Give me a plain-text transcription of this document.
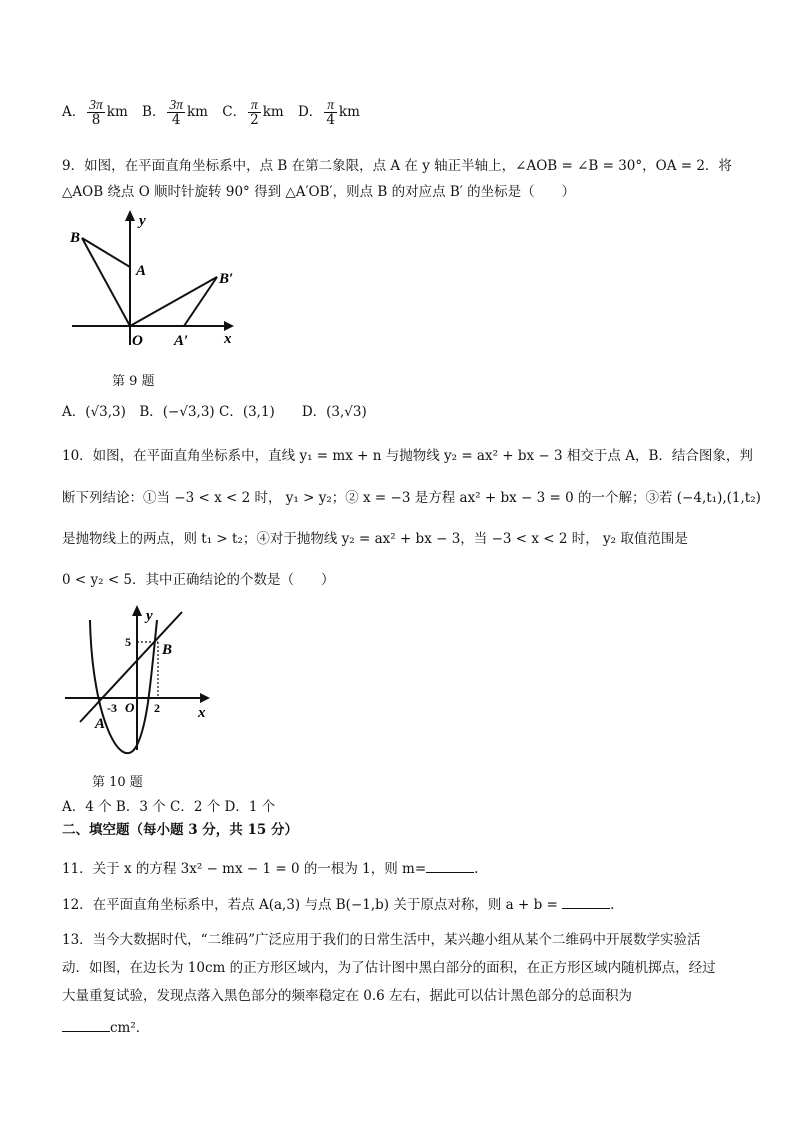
A． $\frac{3\pi}{8}$ km B． $\frac{3\pi}{4}$ km C． $\frac{\pi}{2}$ km D． $\frac{\pi}{4}$ km
9．如图，在平面直角坐标系中，点 B 在第二象限，点 A 在 y 轴正半轴上，∠AOB = ∠B = 30°，OA = 2．将
△AOB 绕点 O 顺时针旋转 90° 得到 △A′OB′，则点 B 的对应点 B′ 的坐标是（　　）
y
x
B
A	B′
O A′
第 9 题
A．(√3,3)　B．(−√3,3) C．(3,1)　　D．(3,√3)
10．如图，在平面直角坐标系中，直线 y₁ = mx + n 与抛物线 y₂ = ax² + bx − 3 相交于点 A，B．结合图象，判
断下列结论：①当 −3 < x < 2 时， y₁ > y₂；② x = −3 是方程 ax² + bx − 3 = 0 的一个解；③若 (−4,t₁),(1,t₂)
是抛物线上的两点，则 t₁ > t₂；④对于抛物线 y₂ = ax² + bx − 3，当 −3 < x < 2 时， y₂ 取值范围是
0 < y₂ < 5．其中正确结论的个数是（　　）
y
x
5 B
-3 O 2
A
第 10 题
A．4 个 B．3 个 C．2 个 D．1 个
二、填空题（每小题 3 分，共 15 分）
11．关于 x 的方程 3x² − mx − 1 = 0 的一根为 1，则 m=	.
12．在平面直角坐标系中，若点 A(a,3) 与点 B(−1,b) 关于原点对称，则 a + b =	.
13．当今大数据时代，“二维码”广泛应用于我们的日常生活中，某兴趣小组从某个二维码中开展数学实验活
动．如图，在边长为 10cm 的正方形区域内，为了估计图中黑白部分的面积，在正方形区域内随机掷点，经过
大量重复试验，发现点落入黑色部分的频率稳定在 0.6 左右，据此可以估计黑色部分的总面积为
cm²．
